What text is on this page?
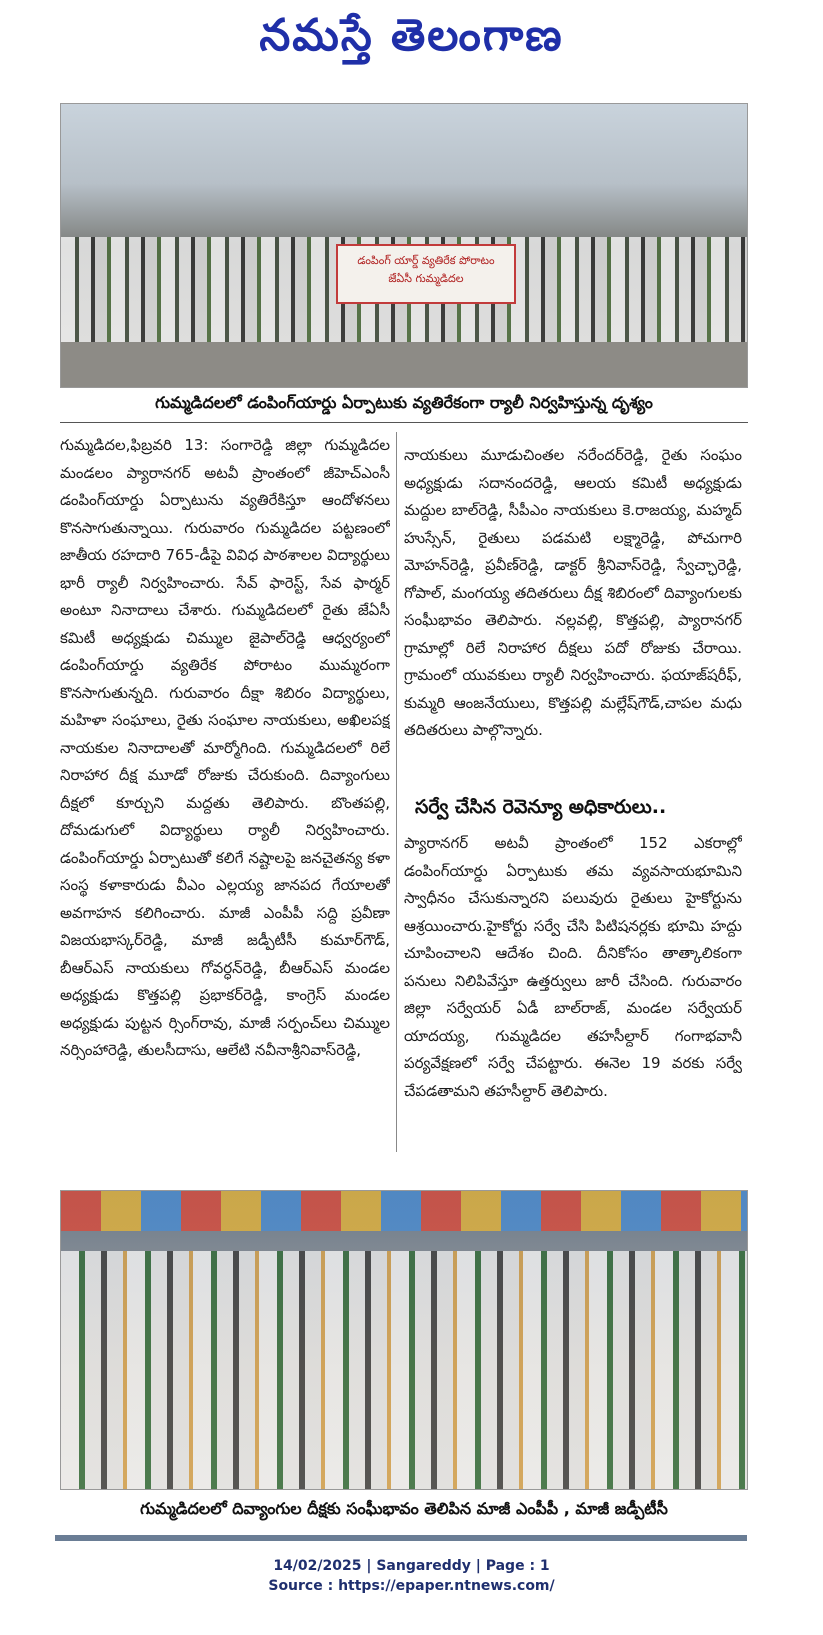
నమస్తే తెలంగాణ
డంపింగ్ యార్డ్ వ్యతిరేక పోరాటం
జేఏసీ గుమ్మడిదల
గుమ్మడిదలలో డంపింగ్‌యార్డు ఏర్పాటుకు వ్యతిరేకంగా ర్యాలీ నిర్వహిస్తున్న దృశ్యం
గుమ్మడిదల,ఫిబ్రవరి 13: సంగారెడ్డి జిల్లా గుమ్మడిదల మండలం ప్యారానగర్ అటవీ ప్రాంతంలో జీహెచ్‌ఎంసీ డంపింగ్‌యార్డు ఏర్పాటును వ్యతిరేకిస్తూ ఆందోళనలు కొనసాగుతున్నాయి. గురువారం గుమ్మడిదల పట్టణంలో జాతీయ రహదారి 765-డీపై వివిధ పాఠశాలల విద్యార్థులు భారీ ర్యాలీ నిర్వహించారు. సేవ్ ఫారెస్ట్, సేవ ఫార్మర్ అంటూ నినాదాలు చేశారు. గుమ్మడిదలలో రైతు జేఏసీ కమిటీ అధ్యక్షుడు చిమ్ముల జైపాల్‌రెడ్డి ఆధ్వర్యంలో డంపింగ్‌యార్డు వ్యతిరేక పోరాటం ముమ్మరంగా కొనసాగుతున్నది. గురువారం దీక్షా శిబిరం విద్యార్థులు, మహిళా సంఘాలు, రైతు సంఘాల నాయకులు, అఖిలపక్ష నాయకుల నినాదాలతో మార్మోగింది. గుమ్మడిదలలో రిలే నిరాహార దీక్ష మూడో రోజుకు చేరుకుంది. దివ్యాంగులు దీక్షలో కూర్చుని మద్దతు తెలిపారు. బొంతపల్లి, దోమడుగులో విద్యార్థులు ర్యాలీ నిర్వహించారు. డంపింగ్‌యార్డు ఏర్పాటుతో కలిగే నష్టాలపై జనచైతన్య కళా సంస్థ కళాకారుడు వీఎం ఎల్లయ్య జానపద గేయాలతో అవగాహన కలిగించారు. మాజీ ఎంపీపీ సద్ది ప్రవీణా విజయభాస్కర్‌రెడ్డి, మాజీ జడ్పీటీసీ కుమార్‌గౌడ్, బీఆర్‌ఎస్ నాయకులు గోవర్ధన్‌రెడ్డి, బీఆర్‌ఎస్ మండల అధ్యక్షుడు కొత్తపల్లి ప్రభాకర్‌రెడ్డి, కాంగ్రెస్ మండల అధ్యక్షుడు పుట్టన ర్సింగ్‌రావు, మాజీ సర్పంచ్‌లు చిమ్ముల నర్సింహారెడ్డి, తులసీదాసు, ఆలేటి నవీనాశ్రీనివాస్‌రెడ్డి,
నాయకులు మూడుచింతల నరేందర్‌రెడ్డి, రైతు సంఘం అధ్యక్షుడు సదానందరెడ్డి, ఆలయ కమిటీ అధ్యక్షుడు మద్దుల బాల్‌రెడ్డి, సీపీఎం నాయకులు కె.రాజయ్య, మహ్మద్ హుస్సేన్, రైతులు పడమటి లక్ష్మారెడ్డి, పోచుగారి మోహన్‌రెడ్డి, ప్రవీణ్‌రెడ్డి, డాక్టర్ శ్రీనివాస్‌రెడ్డి, స్వేచ్ఛారెడ్డి, గోపాల్, మంగయ్య తదితరులు దీక్ష శిబిరంలో దివ్యాంగులకు సంఘీభావం తెలిపారు. నల్లవల్లి, కొత్తపల్లి, ప్యారానగర్ గ్రామాల్లో రిలే నిరాహార దీక్షలు పదో రోజుకు చేరాయి. గ్రామంలో యువకులు ర్యాలీ నిర్వహించారు. ఫయాజ్‌షరీఫ్, కుమ్మరి ఆంజనేయులు, కొత్తపల్లి మల్లేష్‌గౌడ్,చాపల మధు తదితరులు పాల్గొన్నారు.
సర్వే చేసిన రెవెన్యూ అధికారులు..
ప్యారానగర్ అటవీ ప్రాంతంలో 152 ఎకరాల్లో డంపింగ్‌యార్డు ఏర్పాటుకు తమ వ్యవసాయభూమిని స్వాధీనం చేసుకున్నారని పలువురు రైతులు హైకోర్టును ఆశ్రయించారు.హైకోర్టు సర్వే చేసి పిటిషనర్లకు భూమి హద్దు చూపించాలని ఆదేశం చింది. దీనికోసం తాత్కాలికంగా పనులు నిలిపివేస్తూ ఉత్తర్వులు జారీ చేసింది. గురువారం జిల్లా సర్వేయర్ ఏడీ బాల్‌రాజ్, మండల సర్వేయర్ యాదయ్య, గుమ్మడిదల తహసీల్దార్ గంగాభవానీ పర్యవేక్షణలో సర్వే చేపట్టారు. ఈనెల 19 వరకు సర్వే చేపడతామని తహసీల్దార్ తెలిపారు.
గుమ్మడిదలలో దివ్యాంగుల దీక్షకు సంఘీభావం తెలిపిన మాజీ ఎంపీపీ , మాజీ జడ్పీటీసీ
14/02/2025 | Sangareddy | Page : 1
Source : https://epaper.ntnews.com/
